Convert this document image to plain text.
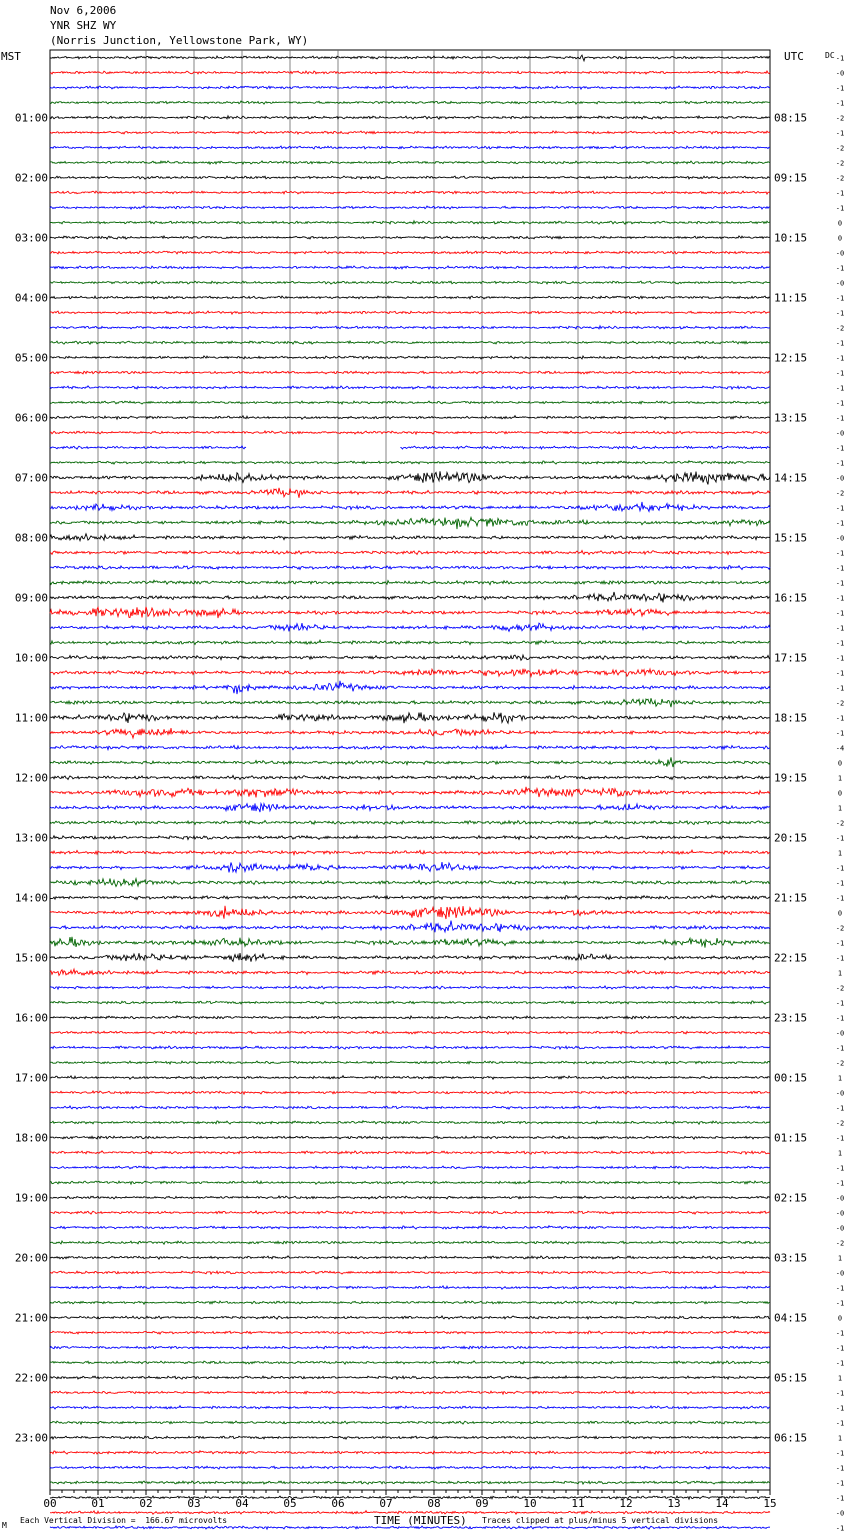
Nov 6,2006
YNR SHZ WY
(Norris Junction, Yellowstone Park, WY)
MST	UTC	DC
00	01	02	03	04	05	06	07	08	09	10	11	12	13	14	15
-1
-0
-1
-1
-2
-1
-2
-2
-2
-1
-1
0
0
-0
-1
-0
-1
-1
-2
-1
-1
-1
-1
-1
-1
-0
-1
-1
-0
-2
-1
-1
-0
-1
-1
-1
-1
-1
-1
-1
-1
-1
-1
-2
-1
-1
-4
0
1
0
1
-2
-1
1
-1
-1
-1
0
-2
-1
-1
1
-2
-1
-1
-0
-1
-2
1
-0
-1
-2
-1
1
-1
-1
-0
-0
-0
-2
1
-0
-1
-1
0
-1
-1
-1
1
-1
-1
-1
1
-1
-1
-1
-1
-0
-1
01:00
02:00
03:00
04:00
05:00
06:00
07:00
08:00
09:00
10:00
11:00
12:00
13:00
14:00
15:00
16:00
17:00
18:00
19:00
20:00
21:00
22:00
23:00
08:15
09:15
10:15
11:15
12:15
13:15
14:15
15:15
16:15
17:15
18:15
19:15
20:15
21:15
22:15
23:15
00:15
01:15
02:15
03:15
04:15
05:15
06:15
TIME (MINUTES)
M
Each Vertical Division =  166.67 microvolts	Traces clipped at plus/minus 5 vertical divisions
